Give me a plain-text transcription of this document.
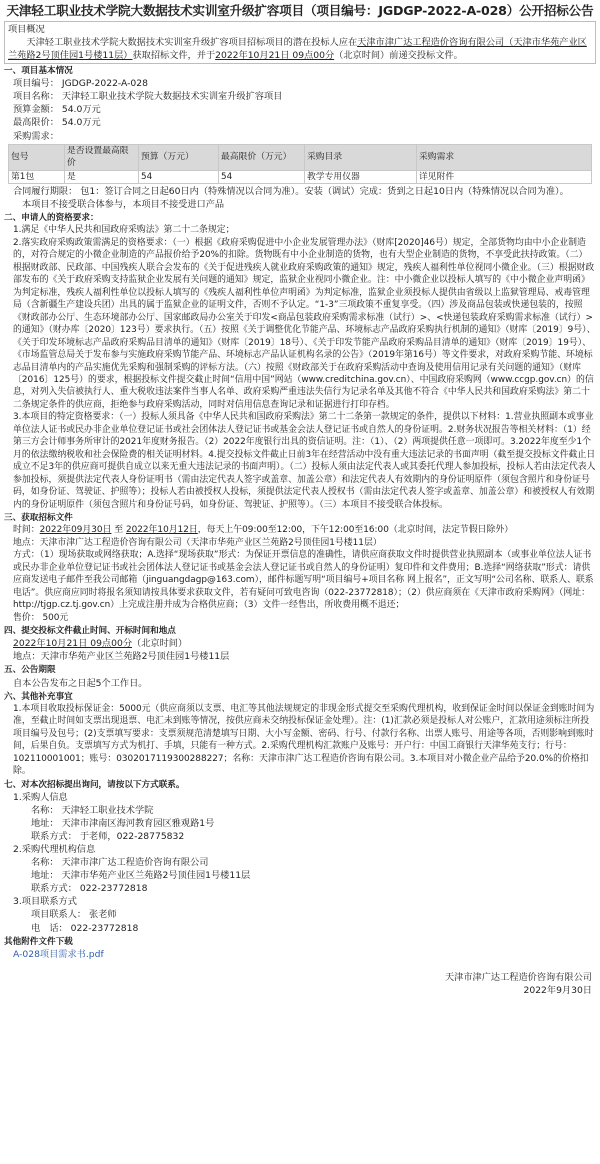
天津轻工职业技术学院大数据技术实训室升级扩容项目（项目编号：JGDGP-2022-A-028）公开招标公告
项目概况
天津轻工职业技术学院大数据技术实训室升级扩容项目招标项目的潜在投标人应在天津市津广达工程造价咨询有限公司（天津市华苑产业区兰苑路2号顶佳园1号楼11层）获取招标文件，并于2022年10月21日 09点00分（北京时间）前递交投标文件。
一、项目基本情况
项目编号： JGDGP-2022-A-028
项目名称： 天津轻工职业技术学院大数据技术实训室升级扩容项目
预算金额： 54.0万元
最高限价： 54.0万元
采购需求：
包号	是否设置最高限价	预算（万元）	最高限价（万元）	采购目录	采购需求
第1包	是	54	54	教学专用仪器	详见附件
合同履行期限： 包1：签订合同之日起60日内（特殊情况以合同为准）。安装（调试）完成：货到之日起10日内（特殊情况以合同为准）。
本项目不接受联合体参与，本项目不接受进口产品
二、申请人的资格要求：
1.满足《中华人民共和国政府采购法》第二十二条规定；
2.落实政府采购政策需满足的资格要求：（一）根据《政府采购促进中小企业发展管理办法》（财库[2020]46号）规定，全部货物均由中小企业制造的，对符合规定的小微企业制造的产品报价给予20%的扣除。货物既有中小企业制造的货物，也有大型企业制造的货物，不享受此扶持政策。（二）根据财政部、民政部、中国残疾人联合会发布的《关于促进残疾人就业政府采购政策的通知》规定，残疾人福利性单位视同小微企业。（三）根据财政部发布的《关于政府采购支持监狱企业发展有关问题的通知》规定，监狱企业视同小微企业。注：中小微企业以投标人填写的《中小微企业声明函》为判定标准，残疾人福利性单位以投标人填写的《残疾人福利性单位声明函》为判定标准，监狱企业须投标人提供由省级以上监狱管理局、戒毒管理局（含新疆生产建设兵团）出具的属于监狱企业的证明文件，否则不予认定。“1-3”三项政策不重复享受。（四）涉及商品包装或快递包装的，按照《财政部办公厅、生态环境部办公厅、国家邮政局办公室关于印发<商品包装政府采购需求标准（试行）>、<快递包装政府采购需求标准（试行）>的通知》（财办库〔2020〕123号）要求执行。（五）按照《关于调整优化节能产品、环境标志产品政府采购执行机制的通知》（财库〔2019〕9号）、《关于印发环境标志产品政府采购品目清单的通知》（财库〔2019〕18号）、《关于印发节能产品政府采购品目清单的通知》（财库〔2019〕19号）、《市场监管总局关于发布参与实施政府采购节能产品、环境标志产品认证机构名录的公告》（2019年第16号）等文件要求，对政府采购节能、环境标志品目清单内的产品实施优先采购和强制采购的评标方法。（六）按照《财政部关于在政府采购活动中查询及使用信用记录有关问题的通知》（财库〔2016〕125号）的要求，根据投标文件提交截止时间“信用中国”网站（www.creditchina.gov.cn）、中国政府采购网（www.ccgp.gov.cn）的信息，对列入失信被执行人、重大税收违法案件当事人名单、政府采购严重违法失信行为记录名单及其他不符合《中华人民共和国政府采购法》第二十二条规定条件的供应商，拒绝参与政府采购活动，同时对信用信息查询记录和证据进行打印存档。
3.本项目的特定资格要求：（一）投标人须具备《中华人民共和国政府采购法》第二十二条第一款规定的条件，提供以下材料：1.营业执照副本或事业单位法人证书或民办非企业单位登记证书或社会团体法人登记证书或基金会法人登记证书或自然人的身份证明。2.财务状况报告等相关材料：（1）经第三方会计师事务所审计的2021年度财务报告。（2）2022年度银行出具的资信证明。注：（1）、（2）两项提供任意一项即可。3.2022年度至少1个月的依法缴纳税收和社会保险费的相关证明材料。4.提交投标文件截止日前3年在经营活动中没有重大违法记录的书面声明（截至提交投标文件截止日成立不足3年的供应商可提供自成立以来无重大违法记录的书面声明）。（二）投标人须由法定代表人或其委托代理人参加投标，投标人若由法定代表人参加投标，须提供法定代表人身份证明书（需由法定代表人签字或盖章、加盖公章）和法定代表人有效期内的身份证明原件（须包含照片和身份证号码，如身份证、驾驶证、护照等）；投标人若由被授权人投标，须提供法定代表人授权书（需由法定代表人签字或盖章、加盖公章）和被授权人有效期内的身份证明原件（须包含照片和身份证号码，如身份证、驾驶证、护照等）。（三）本项目不接受联合体投标。
三、获取招标文件
时间：2022年09月30日 至 2022年10月12日，每天上午09:00至12:00，下午12:00至16:00（北京时间，法定节假日除外）
地点：天津市津广达工程造价咨询有限公司（天津市华苑产业区兰苑路2号顶佳园1号楼11层）
方式：（1）现场获取或网络获取；A.选择“现场获取”形式：为保证开票信息的准确性，请供应商获取文件时提供营业执照副本（或事业单位法人证书或民办非企业单位登记证书或社会团体法人登记证书或基金会法人登记证书或自然人的身份证明）复印件和文件费用；B.选择“网络获取”形式：请供应商发送电子邮件至我公司邮箱（jinguangdagp@163.com），邮件标题写明“项目编号+项目名称 网上报名”，正文写明“公司名称、联系人、联系电话”。供应商应同时将报名须知请按具体要求获取文件，若有疑问可致电咨询（022-23772818）；（2）供应商须在《天津市政府采购网》（网址：http://tjgp.cz.tj.gov.cn）上完成注册并成为合格供应商；（3）文件一经售出，所收费用概不退还；
售价： 500元
四、提交投标文件截止时间、开标时间和地点
2022年10月21日 09点00分（北京时间）
地点：天津市华苑产业区兰苑路2号顶佳园1号楼11层
五、公告期限
自本公告发布之日起5个工作日。
六、其他补充事宜
1.本项目收取投标保证金：5000元（供应商须以支票、电汇等其他法规规定的非现金形式提交至采购代理机构，收到保证金时间以保证金到账时间为准，至截止时间如支票出现退票、电汇未到账等情况，按供应商未交纳投标保证金处理）。注：(1)汇款必须是投标人对公账户，汇款用途须标注所投项目编号及包号；(2)支票填写要求：支票须规范清楚填写日期、大小写金额、密码、行号、付款行名称、出票人账号、用途等各项，否则影响到账时间，后果自负。支票填写方式为机打、手填，只能有一种方式。2.采购代理机构汇款账户及账号：开户行：中国工商银行天津华苑支行；行号：102110001001；账号：0302017119300288227；名称：天津市津广达工程造价咨询有限公司。3.本项目对小微企业产品给予20.0%的价格扣除。
七、对本次招标提出询问，请按以下方式联系。
1.采购人信息
名称： 天津轻工职业技术学院
地址： 天津市津南区海河教育园区雅观路1号
联系方式： 于老师，022-28775832
2.采购代理机构信息
名称： 天津市津广达工程造价咨询有限公司
地址： 天津市华苑产业区兰苑路2号顶佳园1号楼11层
联系方式： 022-23772818
3.项目联系方式
项目联系人： 张老师
电　话： 022-23772818
其他附件文件下载
A-028项目需求书.pdf
天津市津广达工程造价咨询有限公司
2022年9月30日
